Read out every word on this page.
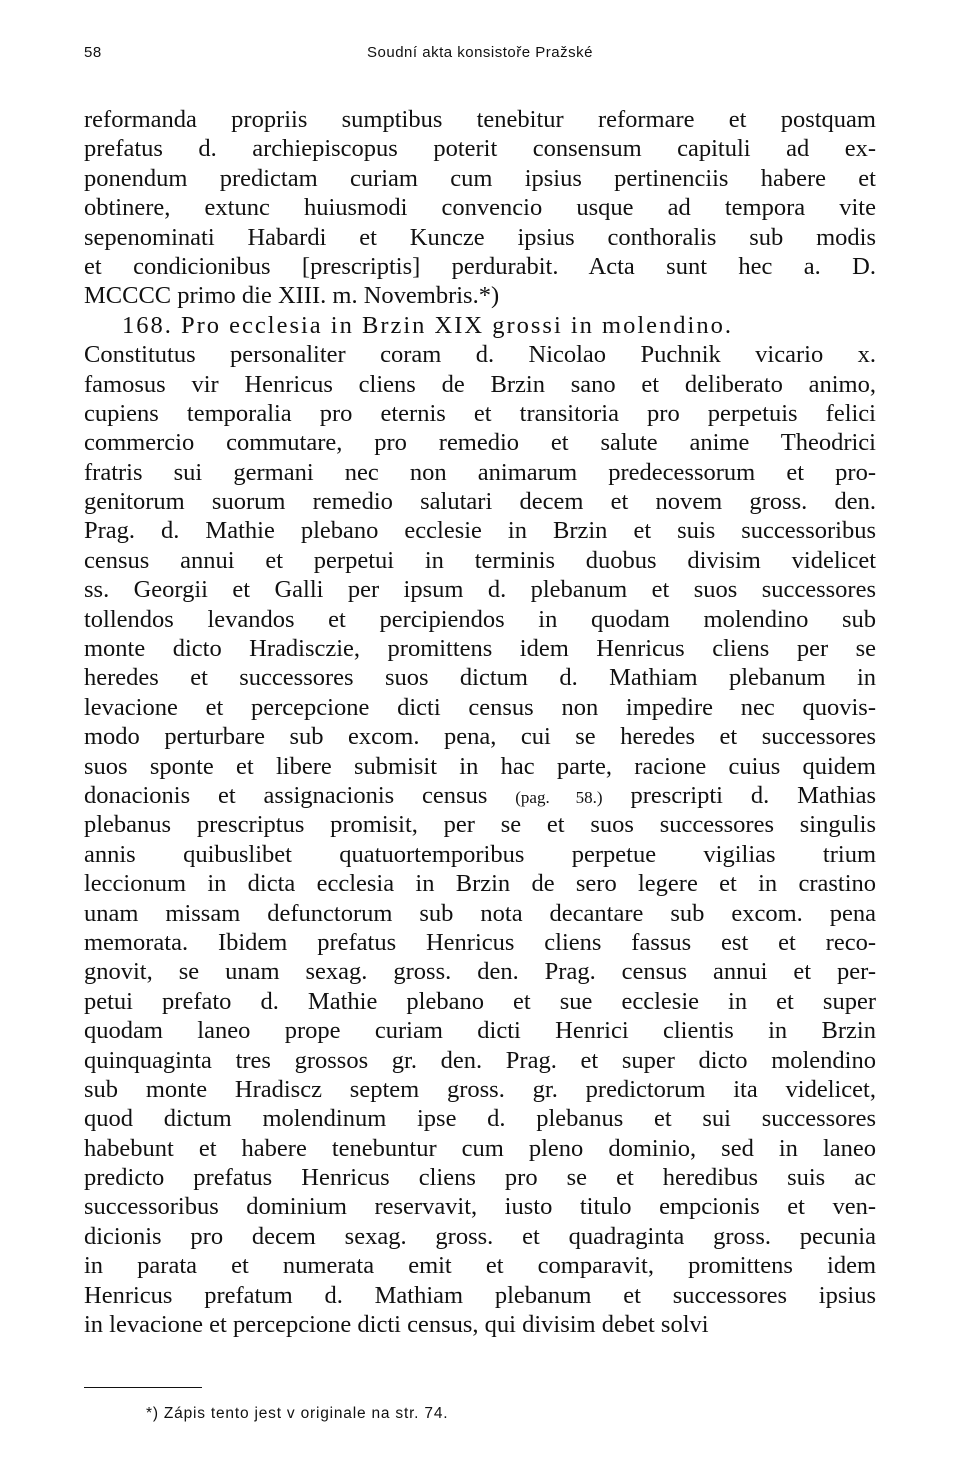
58	Soudní akta konsistoře Pražské
reformanda propriis sumptibus tenebitur reformare et postquam
prefatus d. archiepiscopus poterit consensum capituli ad ex-
ponendum predictam curiam cum ipsius pertinenciis habere et
obtinere, extunc huiusmodi convencio usque ad tempora vite
sepenominati Habardi et Kuncze ipsius conthoralis sub modis
et condicionibus [prescriptis] perdurabit. Acta sunt hec a. D.
MCCCC primo die XIII. m. Novembris.*)
168. Pro ecclesia in Brzin XIX grossi in molendino.
Constitutus personaliter coram d. Nicolao Puchnik vicario x.
famosus vir Henricus cliens de Brzin sano et deliberato animo,
cupiens temporalia pro eternis et transitoria pro perpetuis felici
commercio commutare, pro remedio et salute anime Theodrici
fratris sui germani nec non animarum predecessorum et pro-
genitorum suorum remedio salutari decem et novem gross. den.
Prag. d. Mathie plebano ecclesie in Brzin et suis successoribus
census annui et perpetui in terminis duobus divisim videlicet
ss. Georgii et Galli per ipsum d. plebanum et suos successores
tollendos levandos et percipiendos in quodam molendino sub
monte dicto Hradisczie, promittens idem Henricus cliens per se
heredes et successores suos dictum d. Mathiam plebanum in
levacione et percepcione dicti census non impedire nec quovis-
modo perturbare sub excom. pena, cui se heredes et successores
suos sponte et libere submisit in hac parte, racione cuius quidem
donacionis et assignacionis census (pag. 58.) prescripti d. Mathias
plebanus prescriptus promisit, per se et suos successores singulis
annis quibuslibet quatuortemporibus perpetue vigilias trium
leccionum in dicta ecclesia in Brzin de sero legere et in crastino
unam missam defunctorum sub nota decantare sub excom. pena
memorata. Ibidem prefatus Henricus cliens fassus est et reco-
gnovit, se unam sexag. gross. den. Prag. census annui et per-
petui prefato d. Mathie plebano et sue ecclesie in et super
quodam laneo prope curiam dicti Henrici clientis in Brzin
quinquaginta tres grossos gr. den. Prag. et super dicto molendino
sub monte Hradiscz septem gross. gr. predictorum ita videlicet,
quod dictum molendinum ipse d. plebanus et sui successores
habebunt et habere tenebuntur cum pleno dominio, sed in laneo
predicto prefatus Henricus cliens pro se et heredibus suis ac
successoribus dominium reservavit, iusto titulo empcionis et ven-
dicionis pro decem sexag. gross. et quadraginta gross. pecunia
in parata et numerata emit et comparavit, promittens idem
Henricus prefatum d. Mathiam plebanum et successores ipsius
in levacione et percepcione dicti census, qui divisim debet solvi
*) Zápis tento jest v originale na str. 74.
